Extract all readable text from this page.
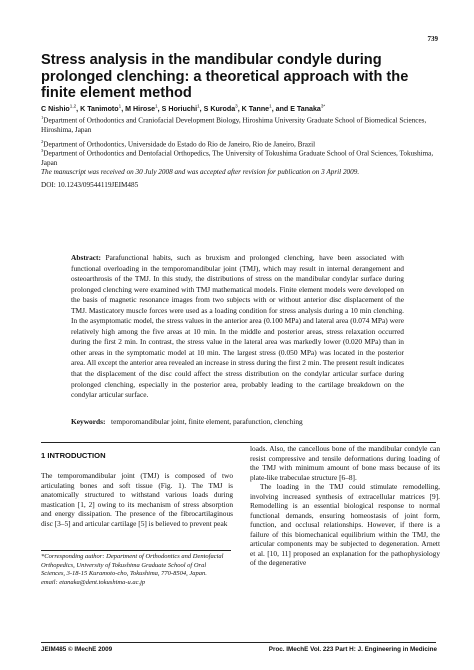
739
Stress analysis in the mandibular condyle during prolonged clenching: a theoretical approach with the finite element method
C Nishio$^{1,2}$, K Tanimoto$^1$, M Hirose$^1$, S Horiuchi$^1$, S Kuroda$^3$, K Tanne$^1$, and E Tanaka$^{3*}$
$^1$Department of Orthodontics and Craniofacial Development Biology, Hiroshima University Graduate School of Biomedical Sciences, Hiroshima, Japan
$^2$Department of Orthodontics, Universidade do Estado do Rio de Janeiro, Rio de Janeiro, Brazil
$^3$Department of Orthodontics and Dentofacial Orthopedics, The University of Tokushima Graduate School of Oral Sciences, Tokushima, Japan
The manuscript was received on 30 July 2008 and was accepted after revision for publication on 3 April 2009.
DOI: 10.1243/09544119JEIM485
Abstract: Parafunctional habits, such as bruxism and prolonged clenching, have been associated with functional overloading in the temporomandibular joint (TMJ), which may result in internal derangement and osteoarthrosis of the TMJ. In this study, the distributions of stress on the mandibular condylar surface during prolonged clenching were examined with TMJ mathematical models. Finite element models were developed on the basis of magnetic resonance images from two subjects with or without anterior disc displacement of the TMJ. Masticatory muscle forces were used as a loading condition for stress analysis during a 10 min clenching. In the asymptomatic model, the stress values in the anterior area (0.100 MPa) and lateral area (0.074 MPa) were relatively high among the five areas at 10 min. In the middle and posterior areas, stress relaxation occurred during the first 2 min. In contrast, the stress value in the lateral area was markedly lower (0.020 MPa) than in other areas in the symptomatic model at 10 min. The largest stress (0.050 MPa) was located in the posterior area. All except the anterior area revealed an increase in stress during the first 2 min. The present result indicates that the displacement of the disc could affect the stress distribution on the condylar articular surface during prolonged clenching, especially in the posterior area, probably leading to the cartilage breakdown on the condylar articular surface.
Keywords: temporomandibular joint, finite element, parafunction, clenching
1 INTRODUCTION

The temporomandibular joint (TMJ) is composed of two articulating bones and soft tissue (Fig. 1). The TMJ is anatomically structured to withstand various loads during mastication [1, 2] owing to its mechanism of stress absorption and energy dissipation. The presence of the fibrocartilaginous disc [3–5] and articular cartilage [5] is believed to prevent peak

*Corresponding author: Department of Orthodontics and Dentofacial Orthopedics, University of Tokushima Graduate School of Oral Sciences, 3-18-15 Kuramoto-cho, Tokushima, 770-8504, Japan.

email: etanaka@dent.tokushima-u.ac.jp

loads. Also, the cancellous bone of the mandibular condyle can resist compressive and tensile deformations during loading of the TMJ with minimum amount of bone mass because of its plate-like trabeculae structure [6–8].

The loading in the TMJ could stimulate remodelling, involving increased synthesis of extracellular matrices [9]. Remodelling is an essential biological response to normal functional demands, ensuring homeostasis of joint form, function, and occlusal relationships. However, if there is a failure of this biomechanical equilibrium within the TMJ, the articular components may be subjected to degeneration. Arnett et al. [10, 11] proposed an explanation for the pathophysiology of the degenerative

JEIM485 © IMechE 2009	Proc. IMechE Vol. 223 Part H: J. Engineering in Medicine
